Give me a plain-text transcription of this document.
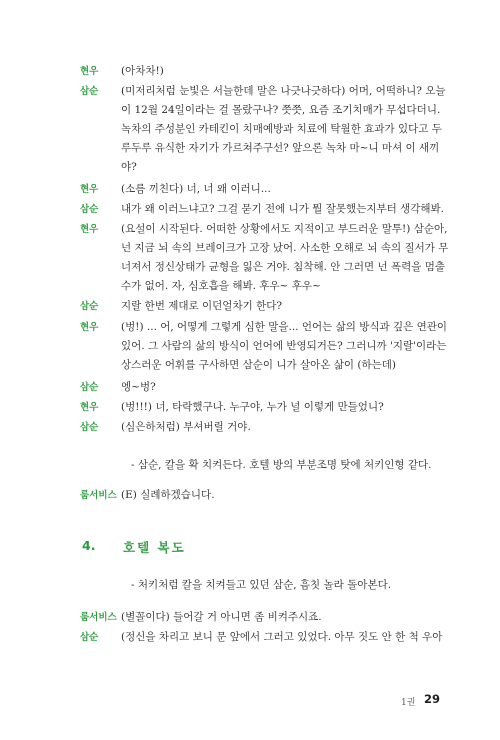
현우 (아차차!)
삼순 (미저리처럼 눈빛은 서늘한데 말은 나긋나긋하다) 어머, 어떡하니? 오늘
이 12월 24일이라는 걸 몰랐구나? 쯧쯧, 요즘 조기치매가 무섭다더니.
녹차의 주성분인 카테킨이 치매예방과 치료에 탁월한 효과가 있다고 두
루두루 유식한 자기가 가르쳐주구선? 앞으론 녹차 마~니 마셔 이 새끼
야?
현우 (소름 끼친다) 너, 너 왜 이러니...
삼순 내가 왜 이러느냐고? 그걸 묻기 전에 니가 뭘 잘못했는지부터 생각해봐.
현우 (요설이 시작된다. 어떠한 상황에서도 지적이고 부드러운 말투!) 삼순아,
넌 지금 뇌 속의 브레이크가 고장 났어. 사소한 오해로 뇌 속의 질서가 무
너져서 정신상태가 균형을 잃은 거야. 침착해. 안 그러면 넌 폭력을 멈출
수가 없어. 자, 심호흡을 해봐. 후우~ 후우~
삼순 지랄 한번 제대로 이던얼차기 한다?
현우 (벙!) ... 어, 어떻게 그렇게 심한 말을... 언어는 삶의 방식과 깊은 연관이
있어. 그 사람의 삶의 방식이 언어에 반영되거든? 그러니까 '지랄'이라는
상스러운 어휘를 구사하면 삼순이 니가 살아온 삶이 (하는데)
삼순 엥~벙?
현우 (벙!!!) 너, 타락했구나. 누구야, 누가 널 이렇게 만들었니?
삼순 (심은하처럼) 부셔버릴 거야.
- 삼순, 칼을 확 치켜든다. 호텔 방의 부분조명 탓에 처키인형 같다.
룸서비스 (E) 실례하겠습니다.
4. 호텔 복도
- 처키처럼 칼을 치켜들고 있던 삼순, 흠칫 놀라 돌아본다.
룸서비스 (별꼴이다) 들어갈 거 아니면 좀 비켜주시죠.
삼순 (정신을 차리고 보니 문 앞에서 그러고 있었다. 아무 짓도 안 한 척 우아
1권 29
